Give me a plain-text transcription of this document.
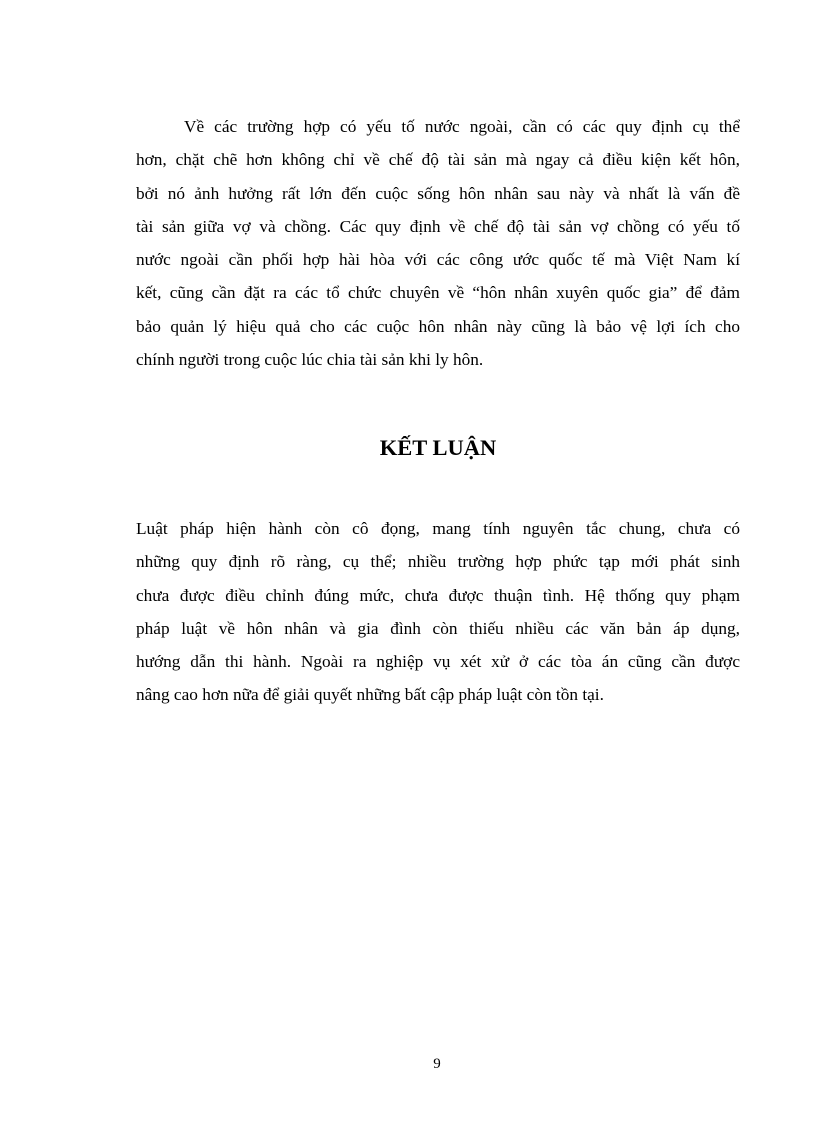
Về các trường hợp có yếu tố nước ngoài, cần có các quy định cụ thể
hơn, chặt chẽ hơn không chỉ về chế độ tài sản mà ngay cả điều kiện kết hôn,
bởi nó ảnh hưởng rất lớn đến cuộc sống hôn nhân sau này và nhất là vấn đề
tài sản giữa vợ và chồng. Các quy định về chế độ tài sản vợ chồng có yếu tố
nước ngoài cần phối hợp hài hòa với các công ước quốc tế mà Việt Nam kí
kết, cũng cần đặt ra các tổ chức chuyên về “hôn nhân xuyên quốc gia” để đảm
bảo quản lý hiệu quả cho các cuộc hôn nhân này cũng là bảo vệ lợi ích cho
chính người trong cuộc lúc chia tài sản khi ly hôn.
KẾT LUẬN
Luật pháp hiện hành còn cô đọng, mang tính nguyên tắc chung, chưa có
những quy định rõ ràng, cụ thể; nhiều trường hợp phức tạp mới phát sinh
chưa được điều chỉnh đúng mức, chưa được thuận tình. Hệ thống quy phạm
pháp luật về hôn nhân và gia đình còn thiếu nhiều các văn bản áp dụng,
hướng dẫn thi hành. Ngoài ra nghiệp vụ xét xử ở các tòa án cũng cần được
nâng cao hơn nữa để giải quyết những bất cập pháp luật còn tồn tại.
9
